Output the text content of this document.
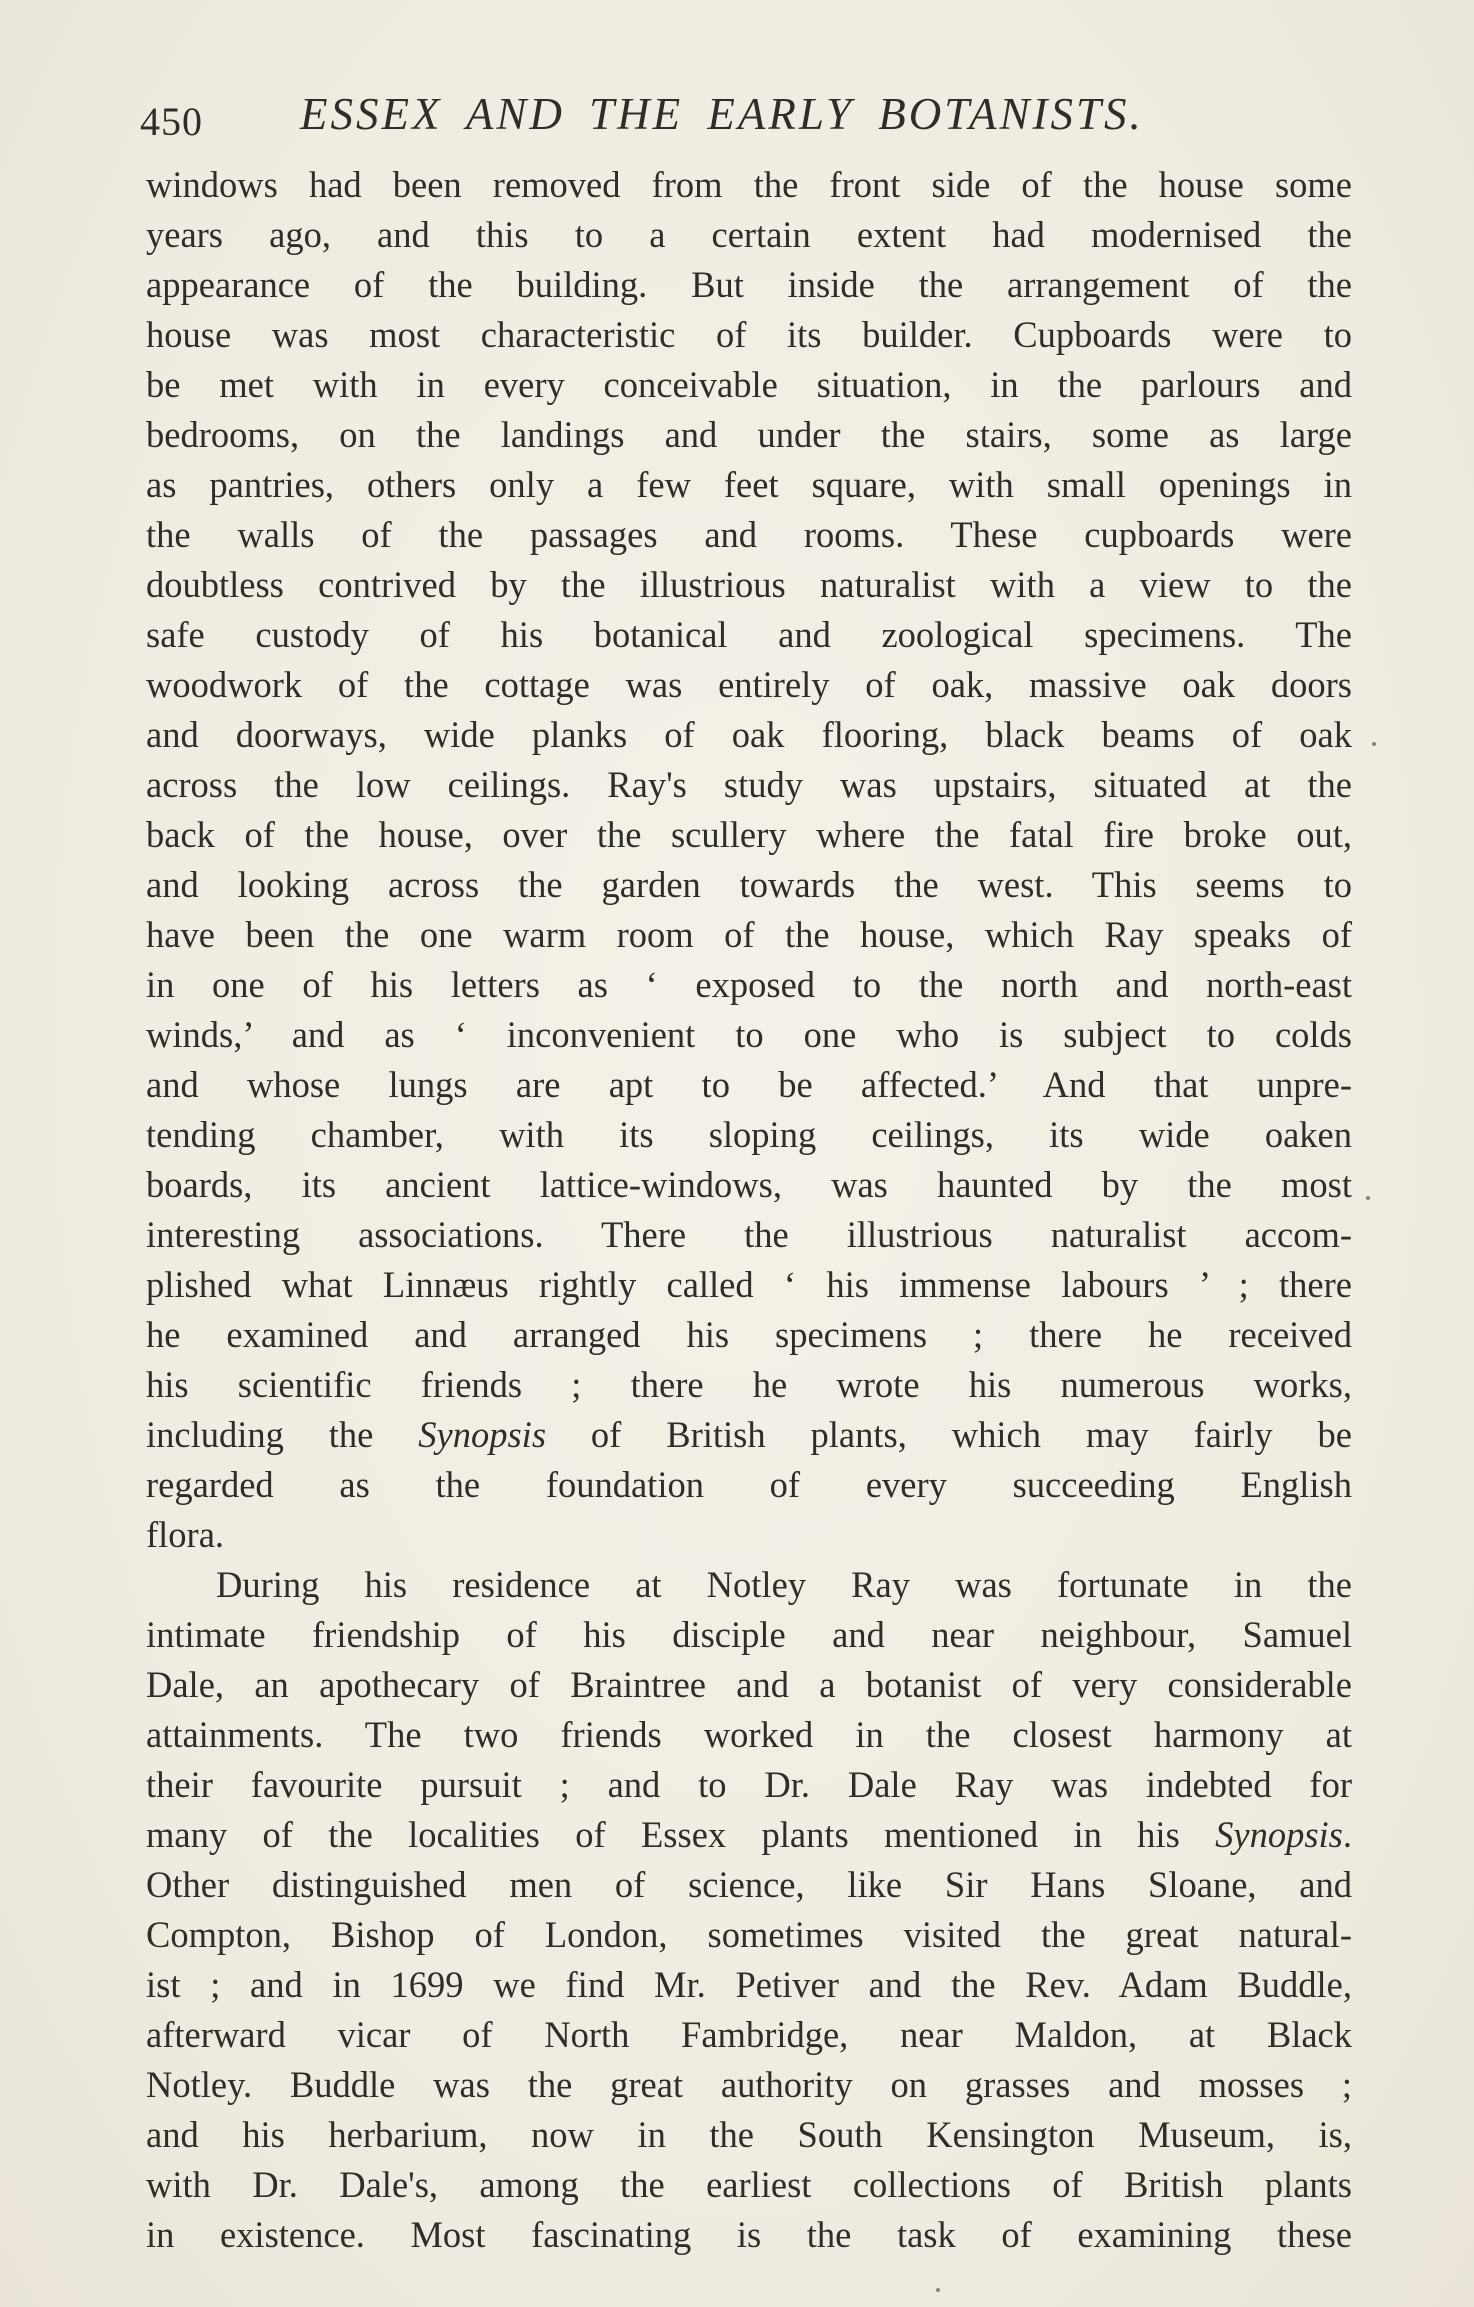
450 ESSEX AND THE EARLY BOTANISTS.
windows had been removed from the front side of the house some
years ago, and this to a certain extent had modernised the
appearance of the building. But inside the arrangement of the
house was most characteristic of its builder. Cupboards were to
be met with in every conceivable situation, in the parlours and
bedrooms, on the landings and under the stairs, some as large
as pantries, others only a few feet square, with small openings in
the walls of the passages and rooms. These cupboards were
doubtless contrived by the illustrious naturalist with a view to the
safe custody of his botanical and zoological specimens. The
woodwork of the cottage was entirely of oak, massive oak doors
and doorways, wide planks of oak flooring, black beams of oak
across the low ceilings. Ray's study was upstairs, situated at the
back of the house, over the scullery where the fatal fire broke out,
and looking across the garden towards the west. This seems to
have been the one warm room of the house, which Ray speaks of
in one of his letters as ‘ exposed to the north and north-east
winds,’ and as ‘ inconvenient to one who is subject to colds
and whose lungs are apt to be affected.’ And that unpre-
tending chamber, with its sloping ceilings, its wide oaken
boards, its ancient lattice-windows, was haunted by the most
interesting associations. There the illustrious naturalist accom-
plished what Linnæus rightly called ‘ his immense labours ’ ; there
he examined and arranged his specimens ; there he received
his scientific friends ; there he wrote his numerous works,
including the Synopsis of British plants, which may fairly be
regarded as the foundation of every succeeding English
flora.
During his residence at Notley Ray was fortunate in the
intimate friendship of his disciple and near neighbour, Samuel
Dale, an apothecary of Braintree and a botanist of very considerable
attainments. The two friends worked in the closest harmony at
their favourite pursuit ; and to Dr. Dale Ray was indebted for
many of the localities of Essex plants mentioned in his Synopsis.
Other distinguished men of science, like Sir Hans Sloane, and
Compton, Bishop of London, sometimes visited the great natural-
ist ; and in 1699 we find Mr. Petiver and the Rev. Adam Buddle,
afterward vicar of North Fambridge, near Maldon, at Black
Notley. Buddle was the great authority on grasses and mosses ;
and his herbarium, now in the South Kensington Museum, is,
with Dr. Dale's, among the earliest collections of British plants
in existence. Most fascinating is the task of examining these
